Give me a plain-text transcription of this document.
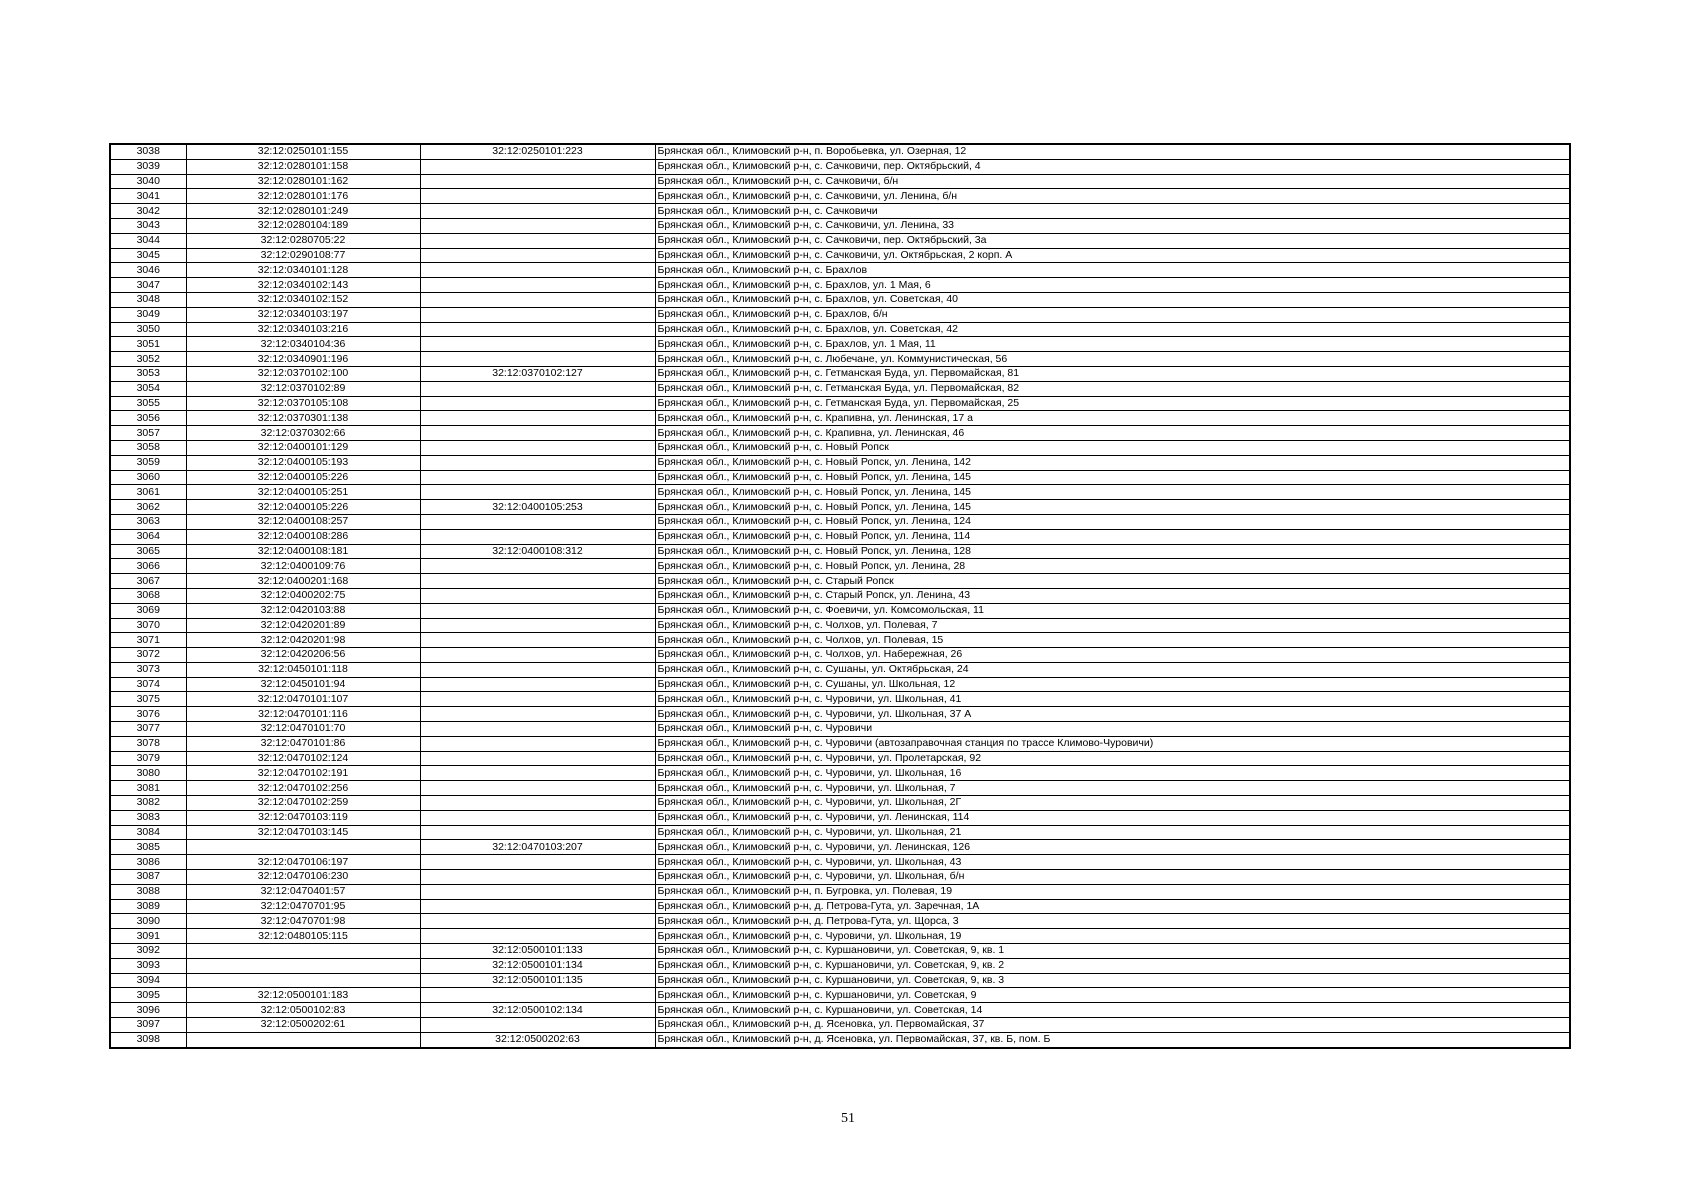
3038	32:12:0250101:155	32:12:0250101:223	Брянская обл., Климовский р-н, п. Воробьевка, ул. Озерная, 12
3039	32:12:0280101:158		Брянская обл., Климовский р-н, с. Сачковичи, пер. Октябрьский, 4
3040	32:12:0280101:162		Брянская обл., Климовский р-н, с. Сачковичи, б/н
3041	32:12:0280101:176		Брянская обл., Климовский р-н, с. Сачковичи, ул. Ленина, б/н
3042	32:12:0280101:249		Брянская обл., Климовский р-н, с. Сачковичи
3043	32:12:0280104:189		Брянская обл., Климовский р-н, с. Сачковичи, ул. Ленина, 33
3044	32:12:0280705:22		Брянская обл., Климовский р-н, с. Сачковичи, пер. Октябрьский, 3а
3045	32:12:0290108:77		Брянская обл., Климовский р-н, с. Сачковичи, ул. Октябрьская, 2 корп. А
3046	32:12:0340101:128		Брянская обл., Климовский р-н, с. Брахлов
3047	32:12:0340102:143		Брянская обл., Климовский р-н, с. Брахлов, ул. 1 Мая, 6
3048	32:12:0340102:152		Брянская обл., Климовский р-н, с. Брахлов, ул. Советская, 40
3049	32:12:0340103:197		Брянская обл., Климовский р-н, с. Брахлов, б/н
3050	32:12:0340103:216		Брянская обл., Климовский р-н, с. Брахлов, ул. Советская, 42
3051	32:12:0340104:36		Брянская обл., Климовский р-н, с. Брахлов, ул. 1 Мая, 11
3052	32:12:0340901:196		Брянская обл., Климовский р-н, с. Любечане, ул. Коммунистическая, 56
3053	32:12:0370102:100	32:12:0370102:127	Брянская обл., Климовский р-н, с. Гетманская Буда, ул. Первомайская, 81
3054	32:12:0370102:89		Брянская обл., Климовский р-н, с. Гетманская Буда, ул. Первомайская, 82
3055	32:12:0370105:108		Брянская обл., Климовский р-н, с. Гетманская Буда, ул. Первомайская, 25
3056	32:12:0370301:138		Брянская обл., Климовский р-н, с. Крапивна, ул. Ленинская, 17 а
3057	32:12:0370302:66		Брянская обл., Климовский р-н, с. Крапивна, ул. Ленинская, 46
3058	32:12:0400101:129		Брянская обл., Климовский р-н, с. Новый Ропск
3059	32:12:0400105:193		Брянская обл., Климовский р-н, с. Новый Ропск, ул. Ленина, 142
3060	32:12:0400105:226		Брянская обл., Климовский р-н, с. Новый Ропск, ул. Ленина, 145
3061	32:12:0400105:251		Брянская обл., Климовский р-н, с. Новый Ропск, ул. Ленина, 145
3062	32:12:0400105:226	32:12:0400105:253	Брянская обл., Климовский р-н, с. Новый Ропск, ул. Ленина, 145
3063	32:12:0400108:257		Брянская обл., Климовский р-н, с. Новый Ропск, ул. Ленина, 124
3064	32:12:0400108:286		Брянская обл., Климовский р-н, с. Новый Ропск, ул. Ленина, 114
3065	32:12:0400108:181	32:12:0400108:312	Брянская обл., Климовский р-н, с. Новый Ропск, ул. Ленина, 128
3066	32:12:0400109:76		Брянская обл., Климовский р-н, с. Новый Ропск, ул. Ленина, 28
3067	32:12:0400201:168		Брянская обл., Климовский р-н, с. Старый Ропск
3068	32:12:0400202:75		Брянская обл., Климовский р-н, с. Старый Ропск, ул. Ленина, 43
3069	32:12:0420103:88		Брянская обл., Климовский р-н, с. Фоевичи, ул. Комсомольская, 11
3070	32:12:0420201:89		Брянская обл., Климовский р-н, с. Чолхов, ул. Полевая, 7
3071	32:12:0420201:98		Брянская обл., Климовский р-н, с. Чолхов, ул. Полевая, 15
3072	32:12:0420206:56		Брянская обл., Климовский р-н, с. Чолхов, ул. Набережная, 26
3073	32:12:0450101:118		Брянская обл., Климовский р-н, с. Сушаны, ул. Октябрьская, 24
3074	32:12:0450101:94		Брянская обл., Климовский р-н, с. Сушаны, ул. Школьная, 12
3075	32:12:0470101:107		Брянская обл., Климовский р-н, с. Чуровичи, ул. Школьная, 41
3076	32:12:0470101:116		Брянская обл., Климовский р-н, с. Чуровичи, ул. Школьная, 37 А
3077	32:12:0470101:70		Брянская обл., Климовский р-н, с. Чуровичи
3078	32:12:0470101:86		Брянская обл., Климовский р-н, с. Чуровичи (автозаправочная станция по трассе Климово-Чуровичи)
3079	32:12:0470102:124		Брянская обл., Климовский р-н, с. Чуровичи, ул. Пролетарская, 92
3080	32:12:0470102:191		Брянская обл., Климовский р-н, с. Чуровичи, ул. Школьная, 16
3081	32:12:0470102:256		Брянская обл., Климовский р-н, с. Чуровичи, ул. Школьная, 7
3082	32:12:0470102:259		Брянская обл., Климовский р-н, с. Чуровичи, ул. Школьная, 2Г
3083	32:12:0470103:119		Брянская обл., Климовский р-н, с. Чуровичи, ул. Ленинская, 114
3084	32:12:0470103:145		Брянская обл., Климовский р-н, с. Чуровичи, ул. Школьная, 21
3085		32:12:0470103:207	Брянская обл., Климовский р-н, с. Чуровичи, ул. Ленинская, 126
3086	32:12:0470106:197		Брянская обл., Климовский р-н, с. Чуровичи, ул. Школьная, 43
3087	32:12:0470106:230		Брянская обл., Климовский р-н, с. Чуровичи, ул. Школьная, б/н
3088	32:12:0470401:57		Брянская обл., Климовский р-н, п. Бугровка, ул. Полевая, 19
3089	32:12:0470701:95		Брянская обл., Климовский р-н, д. Петрова-Гута, ул. Заречная, 1А
3090	32:12:0470701:98		Брянская обл., Климовский р-н, д. Петрова-Гута, ул. Щорса, 3
3091	32:12:0480105:115		Брянская обл., Климовский р-н, с. Чуровичи, ул. Школьная, 19
3092		32:12:0500101:133	Брянская обл., Климовский р-н, с. Куршановичи, ул. Советская, 9, кв. 1
3093		32:12:0500101:134	Брянская обл., Климовский р-н, с. Куршановичи, ул. Советская, 9, кв. 2
3094		32:12:0500101:135	Брянская обл., Климовский р-н, с. Куршановичи, ул. Советская, 9, кв. 3
3095	32:12:0500101:183		Брянская обл., Климовский р-н, с. Куршановичи, ул. Советская, 9
3096	32:12:0500102:83	32:12:0500102:134	Брянская обл., Климовский р-н, с. Куршановичи, ул. Советская, 14
3097	32:12:0500202:61		Брянская обл., Климовский р-н, д. Ясеновка, ул. Первомайская, 37
3098		32:12:0500202:63	Брянская обл., Климовский р-н, д. Ясеновка, ул. Первомайская, 37, кв. Б, пом. Б
51
